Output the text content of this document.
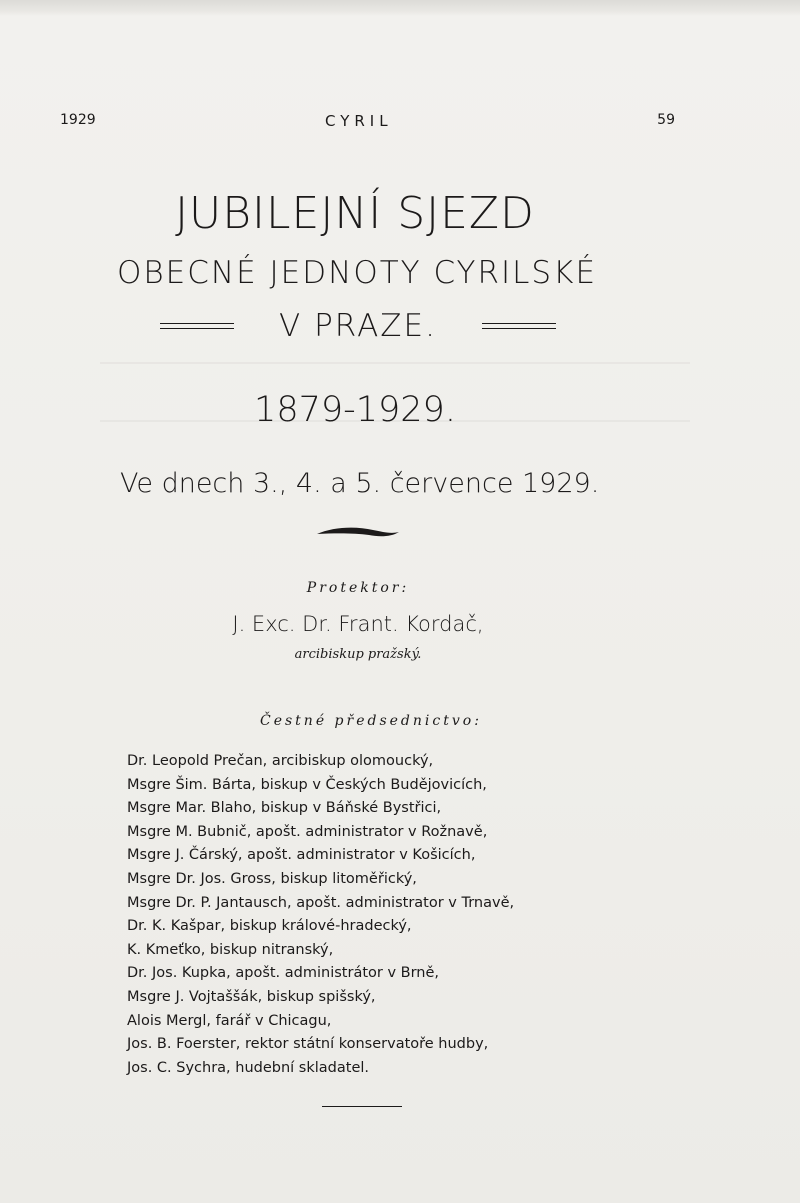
1929	CYRIL	59
JUBILEJNÍ SJEZD
OBECNÉ JEDNOTY CYRILSKÉ
V PRAZE.
1879-1929.
Ve dnech 3., 4. a 5. července 1929.
Protektor:
J. Exc. Dr. Frant. Kordač,
arcibiskup pražský.
Čestné předsednictvo:
Dr. Leopold Prečan, arcibiskup olomoucký,
Msgre Šim. Bárta, biskup v Českých Budějovicích,
Msgre Mar. Blaho, biskup v Báňské Bystřici,
Msgre M. Bubnič, apošt. administrator v Rožnavě,
Msgre J. Čárský, apošt. administrator v Košicích,
Msgre Dr. Jos. Gross, biskup litoměřický,
Msgre Dr. P. Jantausch, apošt. administrator v Trnavě,
Dr. K. Kašpar, biskup králové-hradecký,
K. Kmeťko, biskup nitranský,
Dr. Jos. Kupka, apošt. administrátor v Brně,
Msgre J. Vojtaššák, biskup spišský,
Alois Mergl, farář v Chicagu,
Jos. B. Foerster, rektor státní konservatoře hudby,
Jos. C. Sychra, hudební skladatel.
